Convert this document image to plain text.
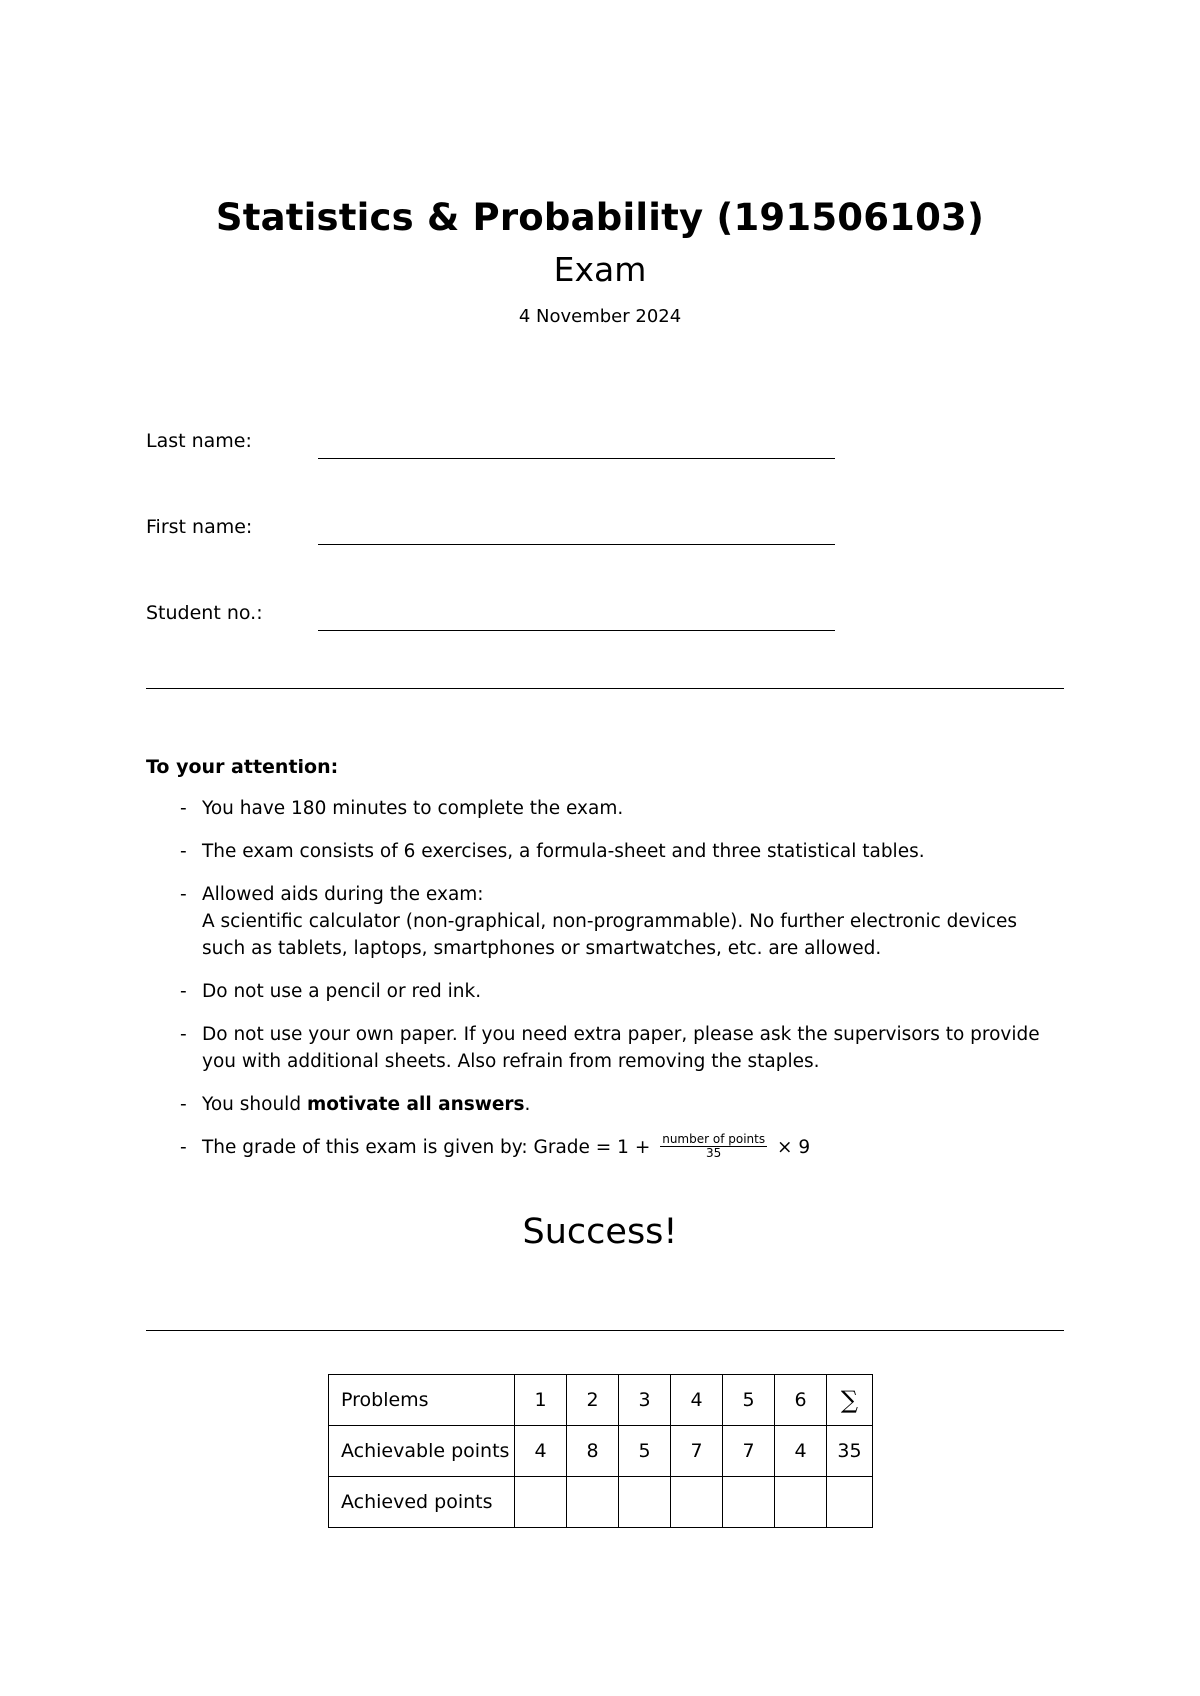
Statistics & Probability (191506103)
Exam
4 November 2024
Last name:
First name:
Student no.:
To your attention:
- You have 180 minutes to complete the exam.
- The exam consists of 6 exercises, a formula-sheet and three statistical tables.
- Allowed aids during the exam:
A scientific calculator (non-graphical, non-programmable). No further electronic devices such as tablets, laptops, smartphones or smartwatches, etc. are allowed.
- Do not use a pencil or red ink.
- Do not use your own paper. If you need extra paper, please ask the supervisors to provide you with additional sheets. Also refrain from removing the staples.
- You should motivate all answers.
- The grade of this exam is given by: Grade = $1 + \frac{\text{number of points}}{35} \times 9$
Success!
Problems	1	2	3	4	5	6	∑
Achievable points	4	8	5	7	7	4	35
Achieved points							
